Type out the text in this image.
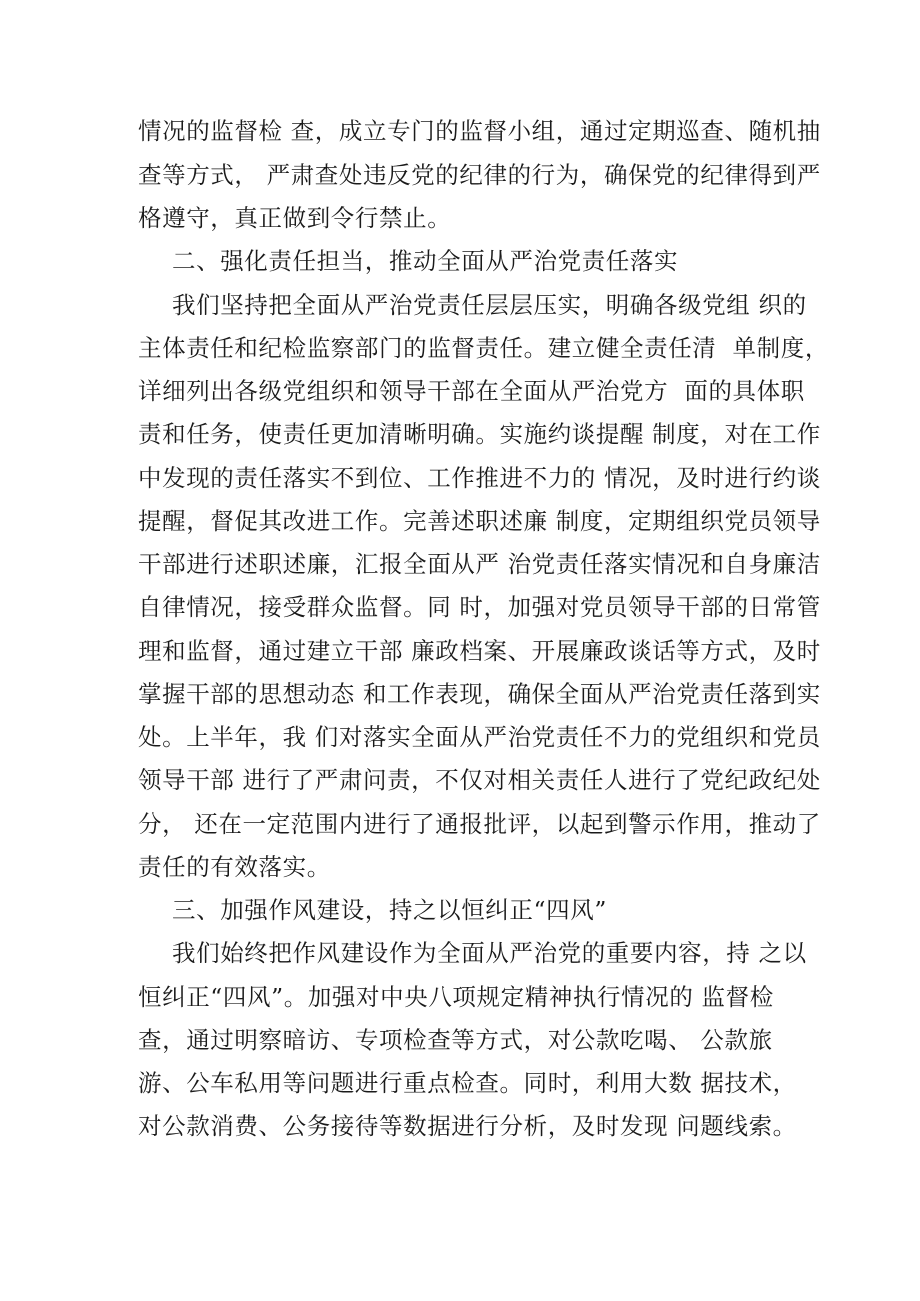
情况的监督检 查，成立专门的监督小组，通过定期巡查、随机抽
查等方式， 严肃查处违反党的纪律的行为，确保党的纪律得到严
格遵守，真正做到令行禁止。
二、强化责任担当，推动全面从严治党责任落实
我们坚持把全面从严治党责任层层压实，明确各级党组 织的
主体责任和纪检监察部门的监督责任。建立健全责任清  单制度，
详细列出各级党组织和领导干部在全面从严治党方  面的具体职
责和任务，使责任更加清晰明确。实施约谈提醒 制度，对在工作
中发现的责任落实不到位、工作推进不力的 情况，及时进行约谈
提醒，督促其改进工作。完善述职述廉 制度，定期组织党员领导
干部进行述职述廉，汇报全面从严 治党责任落实情况和自身廉洁
自律情况，接受群众监督。同 时，加强对党员领导干部的日常管
理和监督，通过建立干部 廉政档案、开展廉政谈话等方式，及时
掌握干部的思想动态 和工作表现，确保全面从严治党责任落到实
处。上半年，我 们对落实全面从严治党责任不力的党组织和党员
领导干部 进行了严肃问责，不仅对相关责任人进行了党纪政纪处
分， 还在一定范围内进行了通报批评，以起到警示作用，推动了
责任的有效落实。
三、加强作风建设，持之以恒纠正“四风”
我们始终把作风建设作为全面从严治党的重要内容，持 之以
恒纠正“四风”。加强对中央八项规定精神执行情况的 监督检
查，通过明察暗访、专项检查等方式，对公款吃喝、 公款旅
游、公车私用等问题进行重点检查。同时，利用大数 据技术，
对公款消费、公务接待等数据进行分析，及时发现 问题线索。
